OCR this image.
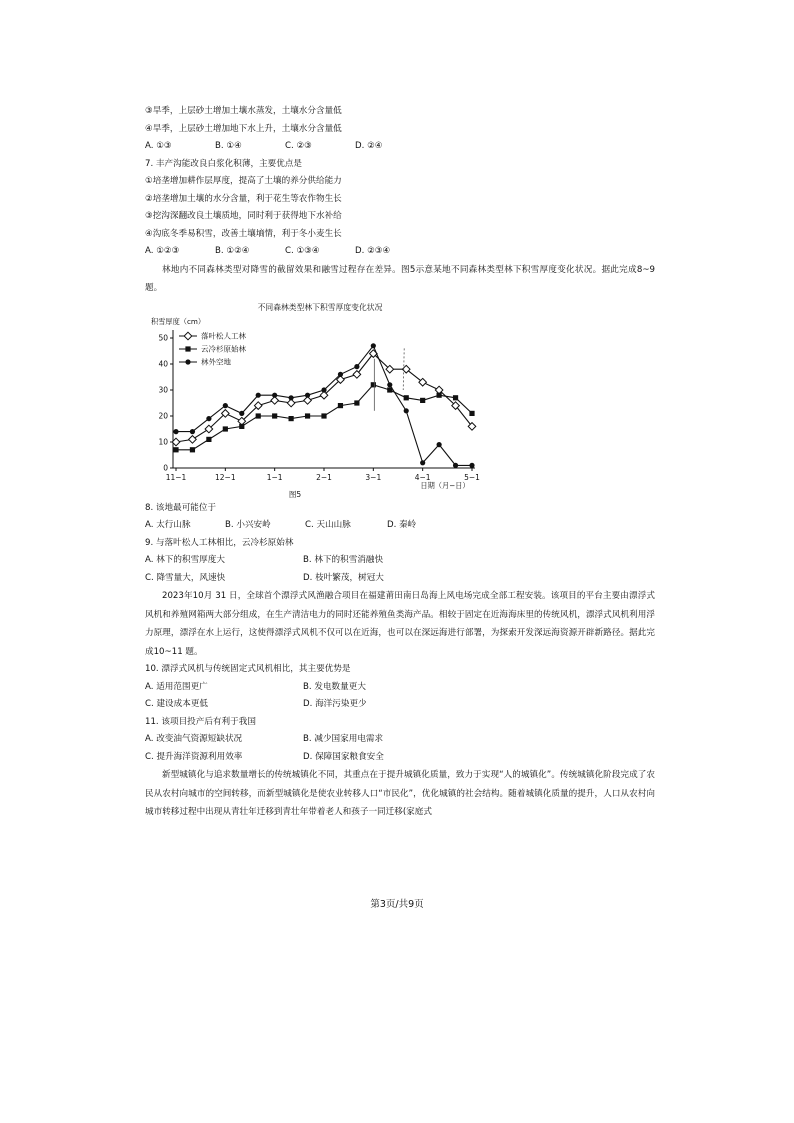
③旱季，上层砂土增加土壤水蒸发，土壤水分含量低
④旱季，上层砂土增加地下水上升，土壤水分含量低
A. ①③	B. ①④	C. ②③	D. ②④
7. 丰产沟能改良白浆化积薄，主要优点是
①培垄增加耕作层厚度，提高了土壤的养分供给能力
②培垄增加土壤的水分含量，利于花生等农作物生长
③挖沟深翻改良土壤质地，同时利于获得地下水补给
④沟底冬季易积雪，改善土壤墒情，利于冬小麦生长
A. ①②③	B. ①②④	C. ①③④	D. ②③④
林地内不同森林类型对降雪的截留效果和融雪过程存在差异。图5示意某地不同森林类型林下积雪厚度变化状况。据此完成8~9题。
不同森林类型林下积雪厚度变化状况
积雪厚度（cm）
0
10
20
30
40
50
11−1	12−1	1−1	2−1	3−1	4−1	5−1
日期（月−日）
图5
落叶松人工林
云冷杉原始林
林外空地
8. 该地最可能位于
A. 太行山脉	B. 小兴安岭	C. 天山山脉	D. 秦岭
9. 与落叶松人工林相比，云冷杉原始林
A. 林下的积雪厚度大	B. 林下的积雪消融快
C. 降雪量大，风速快	D. 枝叶繁茂，树冠大
2023年10月 31 日，全球首个漂浮式风渔融合项目在福建莆田南日岛海上风电场完成全部工程安装。该项目的平台主要由漂浮式风机和养殖网箱两大部分组成，在生产清洁电力的同时还能养殖鱼类海产品。相较于固定在近海海床里的传统风机，漂浮式风机利用浮力原理，漂浮在水上运行，这使得漂浮式风机不仅可以在近海，也可以在深远海进行部署，为探索开发深远海资源开辟新路径。据此完成10~11 题。
10. 漂浮式风机与传统固定式风机相比，其主要优势是
A. 适用范围更广	B. 发电数量更大
C. 建设成本更低	D. 海洋污染更少
11. 该项目投产后有利于我国
A. 改变油气资源短缺状况	B. 减少国家用电需求
C. 提升海洋资源利用效率	D. 保障国家粮食安全
新型城镇化与追求数量增长的传统城镇化不同，其重点在于提升城镇化质量，致力于实现“人的城镇化”。传统城镇化阶段完成了农民从农村向城市的空间转移，而新型城镇化是使农业转移人口“市民化”，优化城镇的社会结构。随着城镇化质量的提升，人口从农村向城市转移过程中出现从青壮年迁移到青壮年带着老人和孩子一同迁移(家庭式
第3页/共9页
